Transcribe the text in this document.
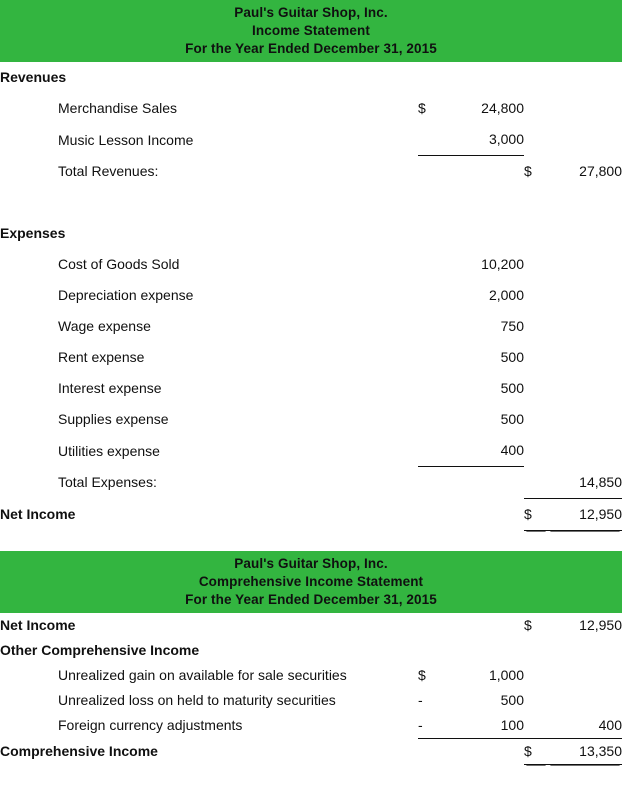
Paul's Guitar Shop, Inc.
Income Statement
For the Year Ended December 31, 2015
Revenues				
Merchandise Sales	$	24,800		
Music Lesson Income		3,000		
Total Revenues:			$	27,800

Expenses				
Cost of Goods Sold		10,200		
Depreciation expense		2,000		
Wage expense		750		
Rent expense		500		
Interest expense		500		
Supplies expense		500		
Utilities expense		400		
Total Expenses:				14,850
Net Income			$	12,950
Paul's Guitar Shop, Inc.
Comprehensive Income Statement
For the Year Ended December 31, 2015
Net Income			$	12,950
Other Comprehensive Income				
Unrealized gain on available for sale securities	$	1,000		
Unrealized loss on held to maturity securities	-	500		
Foreign currency adjustments	-	100		400
Comprehensive Income			$	13,350
